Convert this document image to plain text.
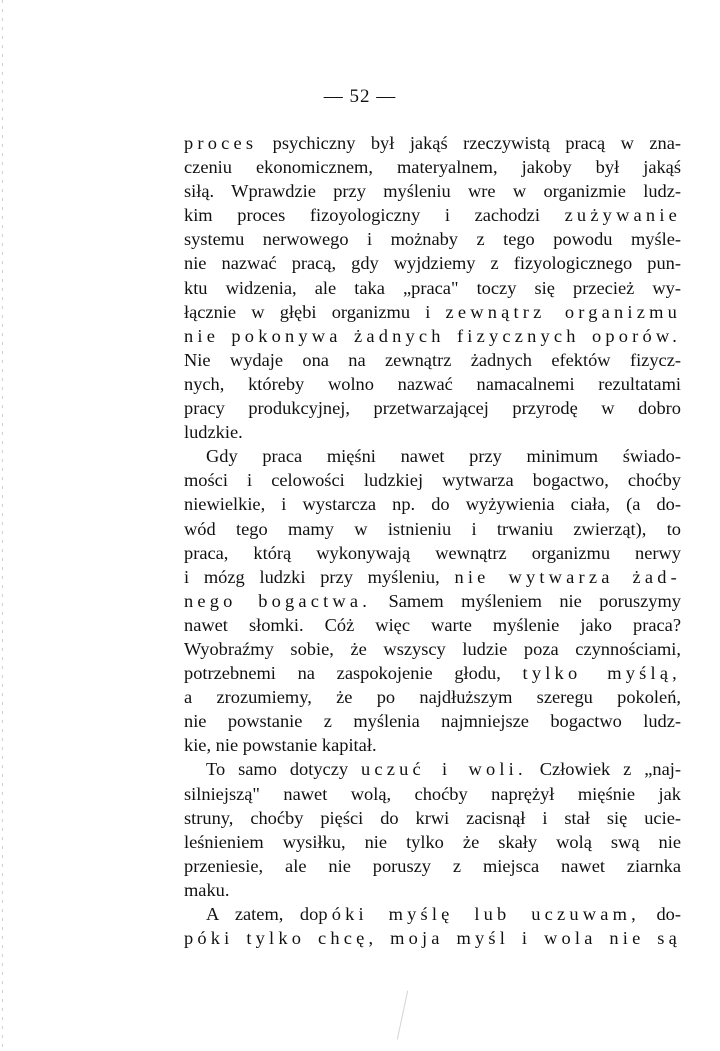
— 52 —
proces psychiczny był jakąś rzeczywistą pracą w zna-
czeniu ekonomicznem, materyalnem, jakoby był jakąś
siłą. Wprawdzie przy myśleniu wre w organizmie ludz-
kim proces fizoyologiczny i zachodzi zużywanie
systemu nerwowego i możnaby z tego powodu myśle-
nie nazwać pracą, gdy wyjdziemy z fizyologicznego pun-
ktu widzenia, ale taka „praca" toczy się przecież wy-
łącznie w głębi organizmu i zewnątrz organizmu
nie pokonywa żadnych fizycznych oporów.
Nie wydaje ona na zewnątrz żadnych efektów fizycz-
nych, któreby wolno nazwać namacalnemi rezultatami
pracy produkcyjnej, przetwarzającej przyrodę w dobro
ludzkie.
Gdy praca mięśni nawet przy minimum świado-
mości i celowości ludzkiej wytwarza bogactwo, choćby
niewielkie, i wystarcza np. do wyżywienia ciała, (a do-
wód tego mamy w istnieniu i trwaniu zwierząt), to
praca, którą wykonywają wewnątrz organizmu nerwy
i mózg ludzki przy myśleniu, nie wytwarza żad-
nego bogactwa. Samem myśleniem nie poruszymy
nawet słomki. Cóż więc warte myślenie jako praca?
Wyobraźmy sobie, że wszyscy ludzie poza czynnościami,
potrzebnemi na zaspokojenie głodu, tylko myślą,
a zrozumiemy, że po najdłuższym szeregu pokoleń,
nie powstanie z myślenia najmniejsze bogactwo ludz-
kie, nie powstanie kapitał.
To samo dotyczy uczuć i woli. Człowiek z „naj-
silniejszą" nawet wolą, choćby naprężył mięśnie jak
struny, choćby pięści do krwi zacisnął i stał się ucie-
leśnieniem wysiłku, nie tylko że skały wolą swą nie
przeniesie, ale nie poruszy z miejsca nawet ziarnka
maku.
A zatem, dopóki myślę lub uczuwam, do-
póki tylko chcę, moja myśl i wola nie są
